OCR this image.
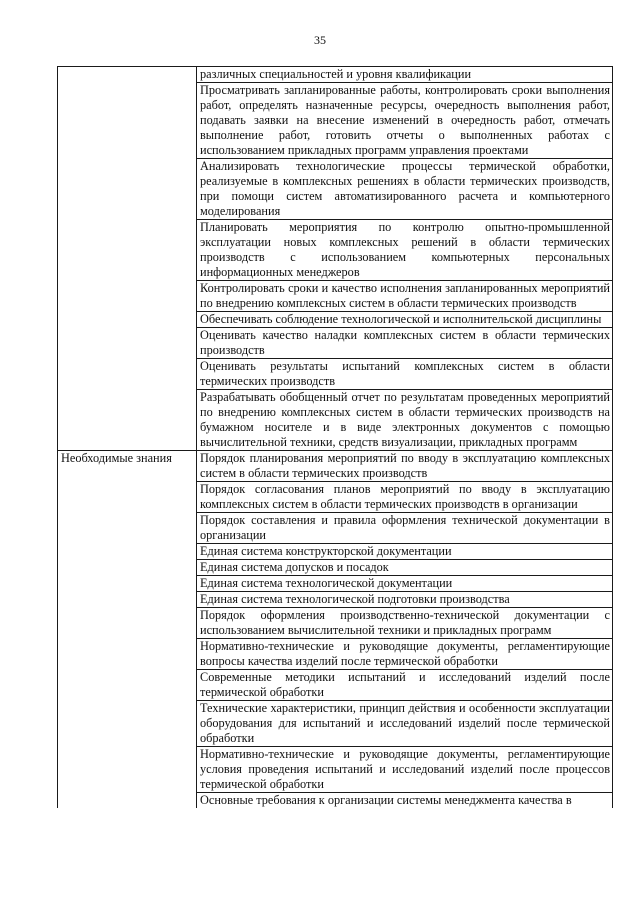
35
	различных специальностей и уровня квалификации
	Просматривать запланированные работы, контролировать сроки выполнения работ, определять назначенные ресурсы, очередность выполнения работ, подавать заявки на внесение изменений в очередность работ, отмечать выполнение работ, готовить отчеты о выполненных работах с использованием прикладных программ управления проектами
	Анализировать технологические процессы термической обработки, реализуемые в комплексных решениях в области термических производств, при помощи систем автоматизированного расчета и компьютерного моделирования
	Планировать мероприятия по контролю опытно-промышленной эксплуатации новых комплексных решений в области термических производств с использованием компьютерных персональных информационных менеджеров
	Контролировать сроки и качество исполнения запланированных мероприятий по внедрению комплексных систем в области термических производств
	Обеспечивать соблюдение технологической и исполнительской дисциплины
	Оценивать качество наладки комплексных систем в области термических производств
	Оценивать результаты испытаний комплексных систем в области термических производств
	Разрабатывать обобщенный отчет по результатам проведенных мероприятий по внедрению комплексных систем в области термических производств на бумажном носителе и в виде электронных документов с помощью вычислительной техники, средств визуализации, прикладных программ
Необходимые знания	Порядок планирования мероприятий по вводу в эксплуатацию комплексных систем в области термических производств
	Порядок согласования планов мероприятий по вводу в эксплуатацию комплексных систем в области термических производств в организации
	Порядок составления и правила оформления технической документации в организации
	Единая система конструкторской документации
	Единая система допусков и посадок
	Единая система технологической документации
	Единая система технологической подготовки производства
	Порядок оформления производственно-технической документации с использованием вычислительной техники и прикладных программ
	Нормативно-технические и руководящие документы, регламентирующие вопросы качества изделий после термической обработки
	Современные методики испытаний и исследований изделий после термической обработки
	Технические характеристики, принцип действия и особенности эксплуатации оборудования для испытаний и исследований изделий после термической обработки
	Нормативно-технические и руководящие документы, регламентирующие условия проведения испытаний и исследований изделий после процессов термической обработки
	Основные требования к организации системы менеджмента качества в
